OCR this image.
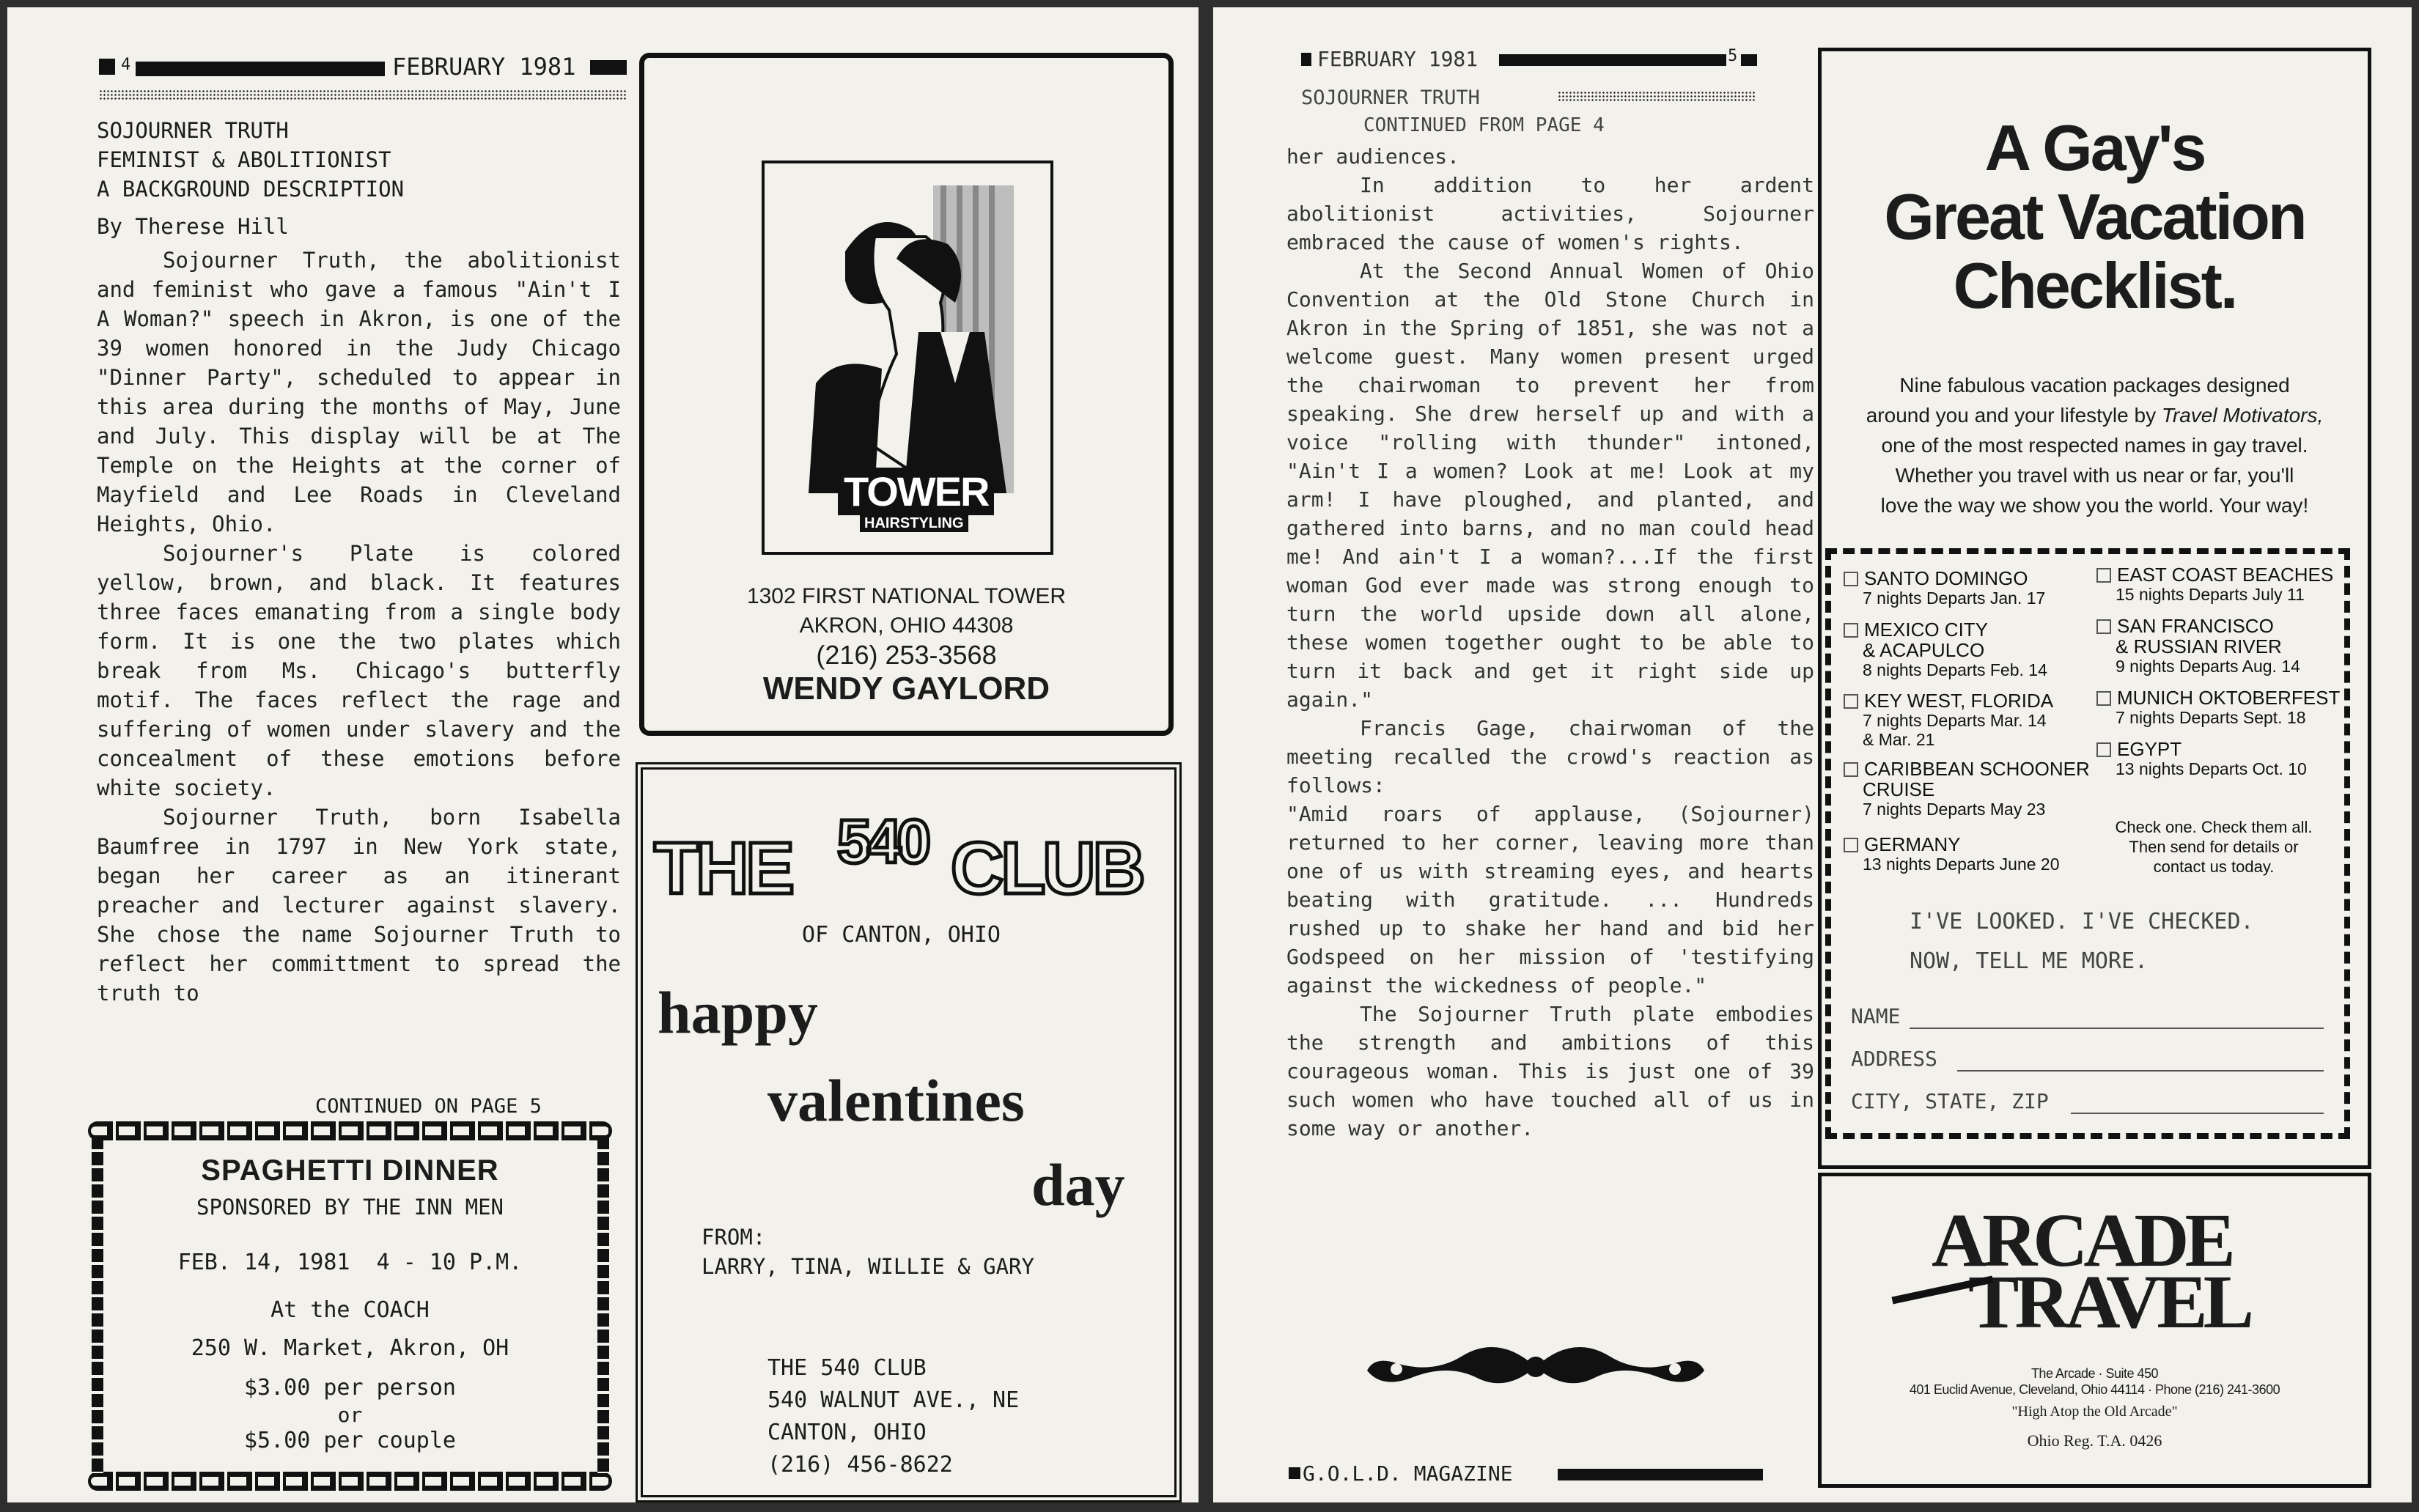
4	FEBRUARY 1981
SOJOURNER TRUTH
FEMINIST & ABOLITIONIST
A BACKGROUND DESCRIPTION
By Therese Hill

Sojourner Truth, the abolitionist and feminist who gave a famous "Ain't I A Woman?" speech in Akron, is one of the 39 women honored in the Judy Chicago "Dinner Party", scheduled to appear in this area during the months of May, June and July. This display will be at The Temple on the Heights at the corner of Mayfield and Lee Roads in Cleveland Heights, Ohio.

Sojourner's Plate is colored yellow, brown, and black. It features three faces emanating from a single body form. It is one the two plates which break from Ms. Chicago's butterfly motif. The faces reflect the rage and suffering of women under slavery and the concealment of these emotions before white society.

Sojourner Truth, born Isabella Baumfree in 1797 in New York state, began her career as an itinerant preacher and lecturer against slavery. She chose the name Sojourner Truth to reflect her committment to spread the truth to

CONTINUED ON PAGE 5
TOWER
HAIRSTYLING
1302 FIRST NATIONAL TOWER
AKRON, OHIO 44308
(216) 253-3568
WENDY GAYLORD
THE 540 CLUB
OF CANTON, OHIO
happy
valentines
day
FROM:
LARRY, TINA, WILLIE & GARY
THE 540 CLUB
540 WALNUT AVE., NE
CANTON, OHIO
(216) 456-8622
SPAGHETTI DINNER
SPONSORED BY THE INN MEN
FEB. 14, 1981  4 - 10 P.M.
At the COACH
250 W. Market, Akron, OH
$3.00 per person
or
$5.00 per couple
FEBRUARY 1981	5
SOJOURNER TRUTH
CONTINUED FROM PAGE 4

her audiences.

In addition to her ardent abolitionist activities, Sojourner embraced the cause of women's rights.

At the Second Annual Women of Ohio Convention at the Old Stone Church in Akron in the Spring of 1851, she was not a welcome guest. Many women present urged the chairwoman to prevent her from speaking. She drew herself up and with a voice "rolling with thunder" intoned, "Ain't I a women? Look at me! Look at my arm! I have ploughed, and planted, and gathered into barns, and no man could head me! And ain't I a woman?...If the first woman God ever made was strong enough to turn the world upside down all alone, these women together ought to be able to turn it back and get it right side up again."

Francis Gage, chairwoman of the meeting recalled the crowd's reaction as follows:

"Amid roars of applause, (Sojourner) returned to her corner, leaving more than one of us with streaming eyes, and hearts beating with gratitude. ... Hundreds rushed up to shake her hand and bid her Godspeed on her mission of 'testifying against the wickedness of people."

The Sojourner Truth plate embodies the strength and ambitions of this courageous woman. This is just one of 39 such women who have touched all of us in some way or another.

G.O.L.D. MAGAZINE
A Gay's
Great Vacation
Checklist.
Nine fabulous vacation packages designed
around you and your lifestyle by Travel Motivators,
one of the most respected names in gay travel.
Whether you travel with us near or far, you'll
love the way we show you the world. Your way!
SANTO DOMINGO
7 nights Departs Jan. 17
MEXICO CITY
& ACAPULCO
8 nights Departs Feb. 14
KEY WEST, FLORIDA
7 nights Departs Mar. 14
& Mar. 21
CARIBBEAN SCHOONER
CRUISE
7 nights Departs May 23
GERMANY
13 nights Departs June 20
EAST COAST BEACHES
15 nights Departs July 11
SAN FRANCISCO
& RUSSIAN RIVER
9 nights Departs Aug. 14
MUNICH OKTOBERFEST
7 nights Departs Sept. 18
EGYPT
13 nights Departs Oct. 10
Check one. Check them all.
Then send for details or
contact us today.
I'VE LOOKED. I'VE CHECKED.
NOW, TELL ME MORE.
NAME
ADDRESS
CITY, STATE, ZIP
ARCADE
TRAVEL
The Arcade · Suite 450
401 Euclid Avenue, Cleveland, Ohio 44114 · Phone (216) 241-3600
"High Atop the Old Arcade"
Ohio Reg. T.A. 0426
